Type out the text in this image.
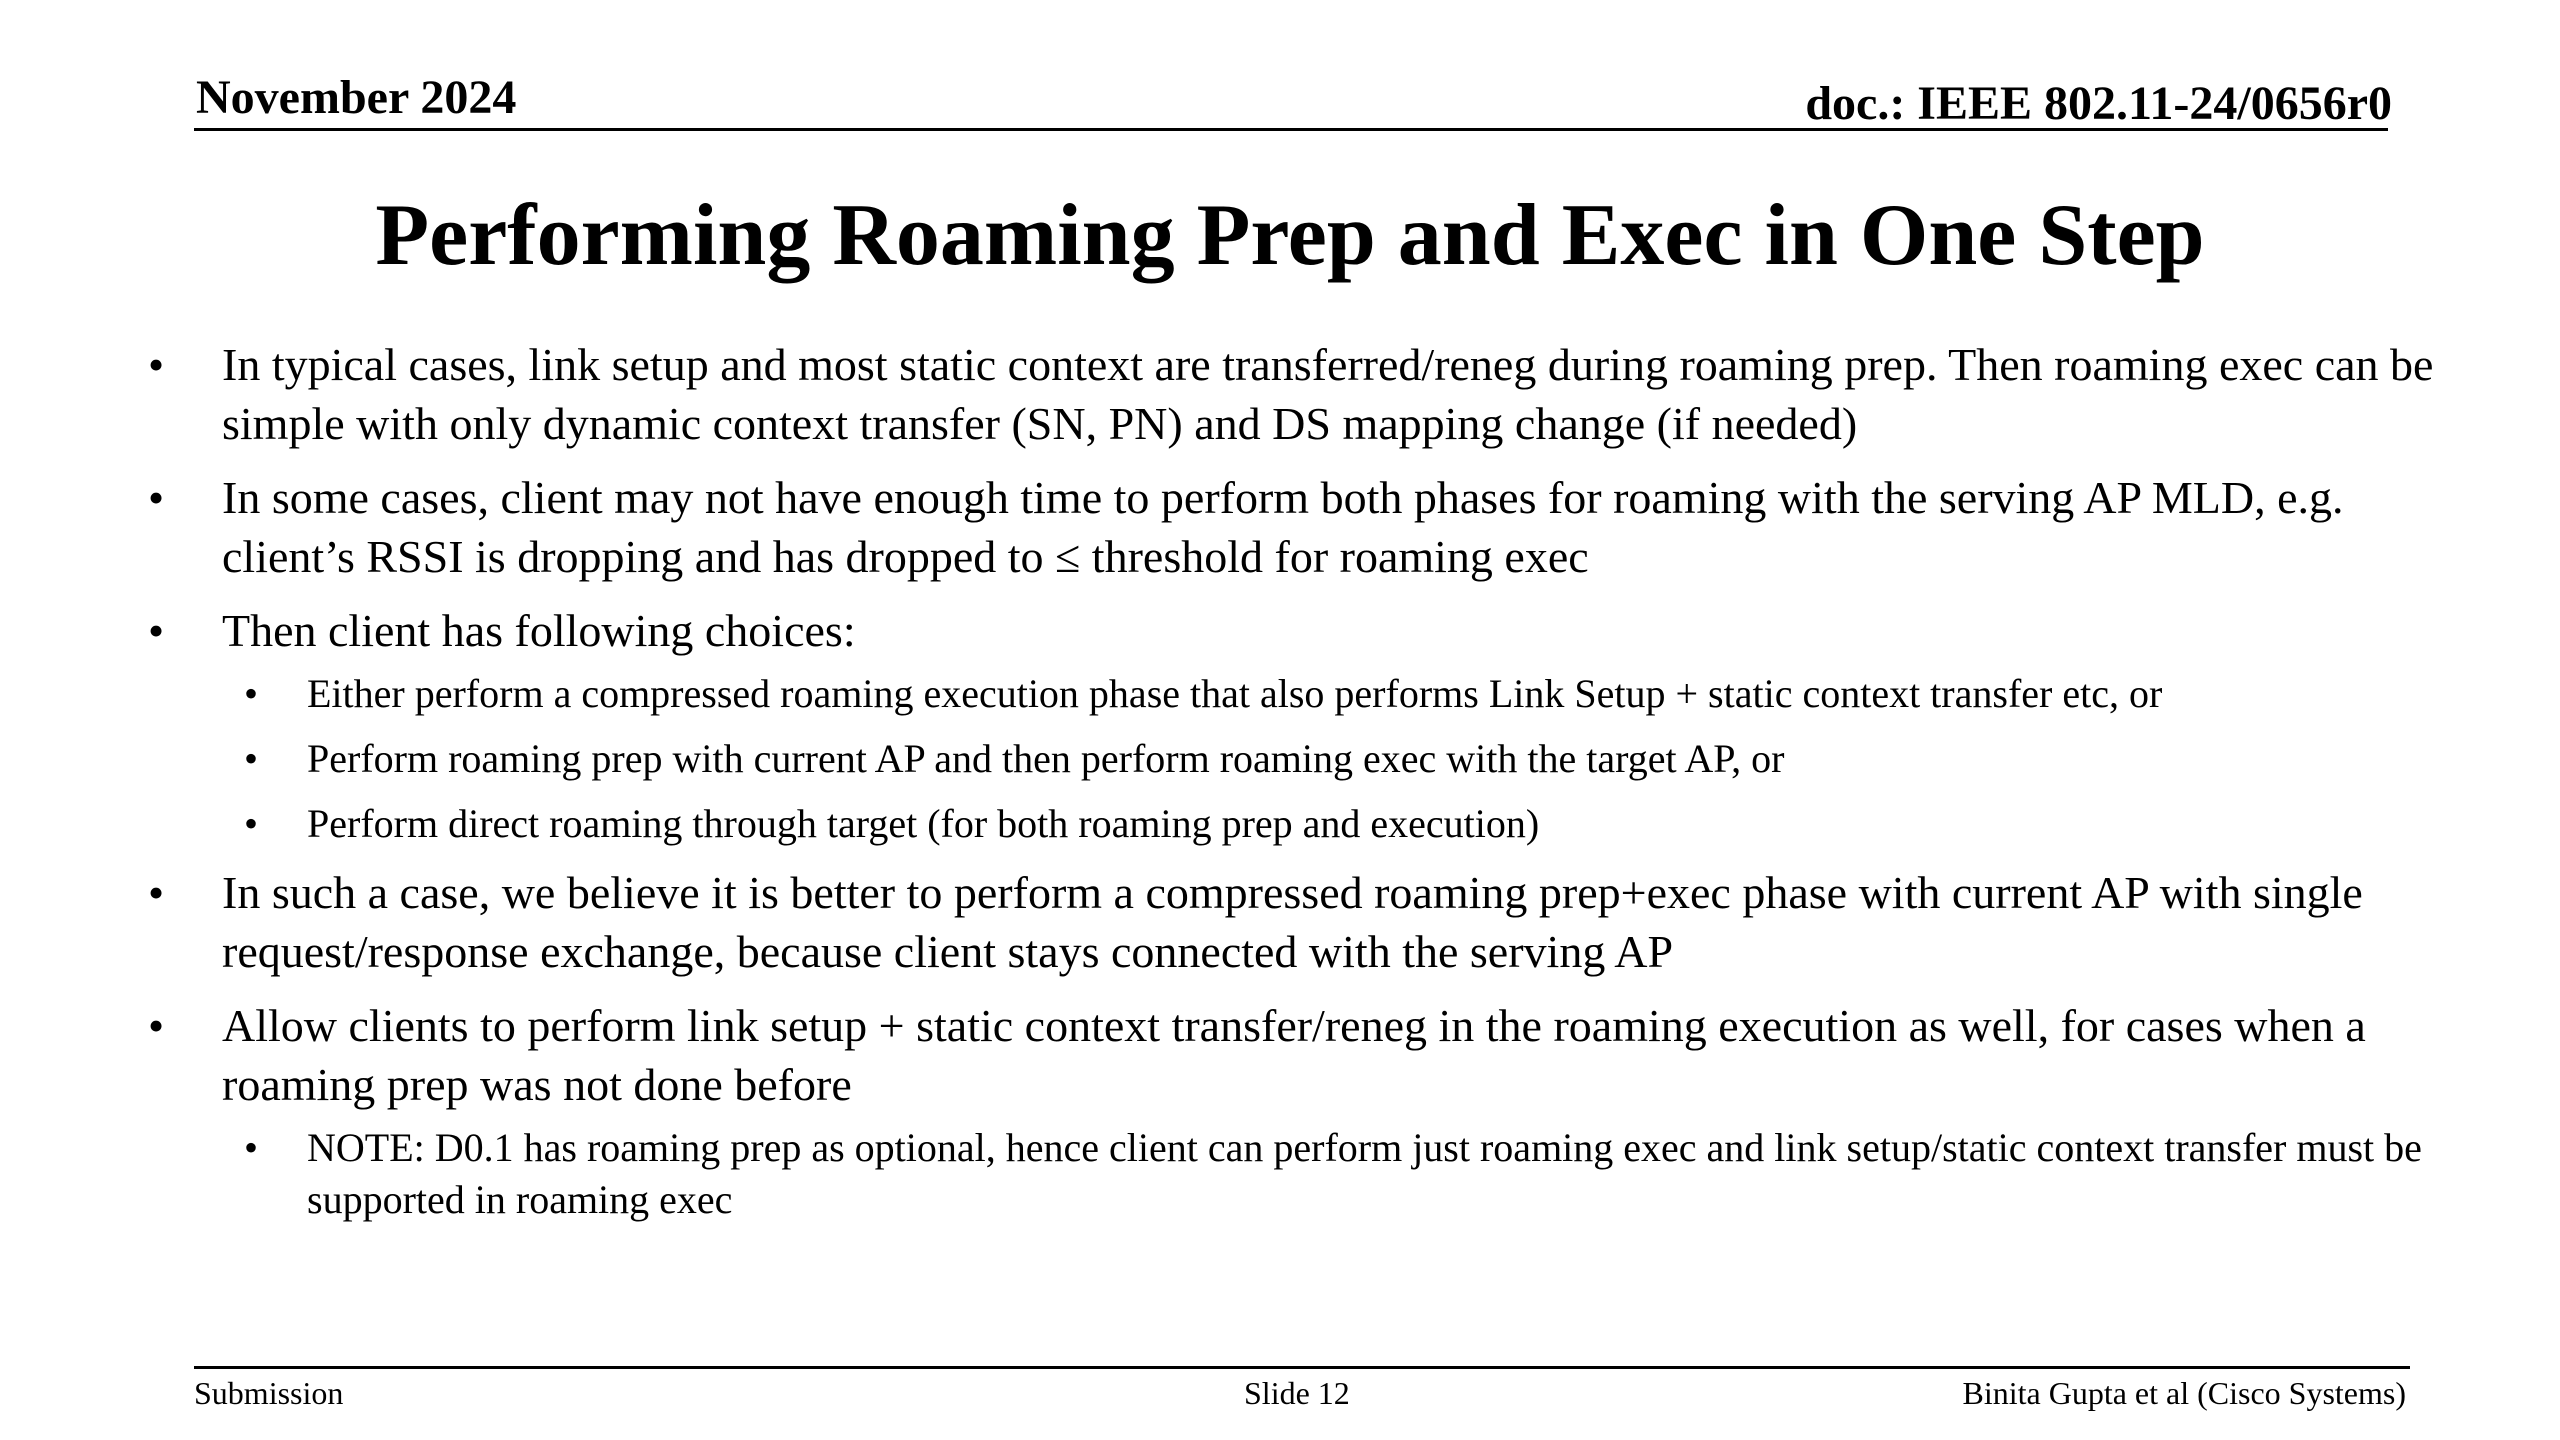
November 2024	doc.: IEEE 802.11-24/0656r0
Performing Roaming Prep and Exec in One Step
• In typical cases, link setup and most static context are transferred/reneg during roaming prep. Then roaming exec can be simple with only dynamic context transfer (SN, PN) and DS mapping change (if needed)
• In some cases, client may not have enough time to perform both phases for roaming with the serving AP MLD, e.g. client’s RSSI is dropping and has dropped to ≤ threshold for roaming exec
• Then client has following choices:
• Either perform a compressed roaming execution phase that also performs Link Setup + static context transfer etc, or
• Perform roaming prep with current AP and then perform roaming exec with the target AP, or
• Perform direct roaming through target (for both roaming prep and execution)
• In such a case, we believe it is better to perform a compressed roaming prep+exec phase with current AP with single request/response exchange, because client stays connected with the serving AP
• Allow clients to perform link setup + static context transfer/reneg in the roaming execution as well, for cases when a roaming prep was not done before
• NOTE: D0.1 has roaming prep as optional, hence client can perform just roaming exec and link setup/static context transfer must be supported in roaming exec
Submission	Slide 12	Binita Gupta et al (Cisco Systems)
